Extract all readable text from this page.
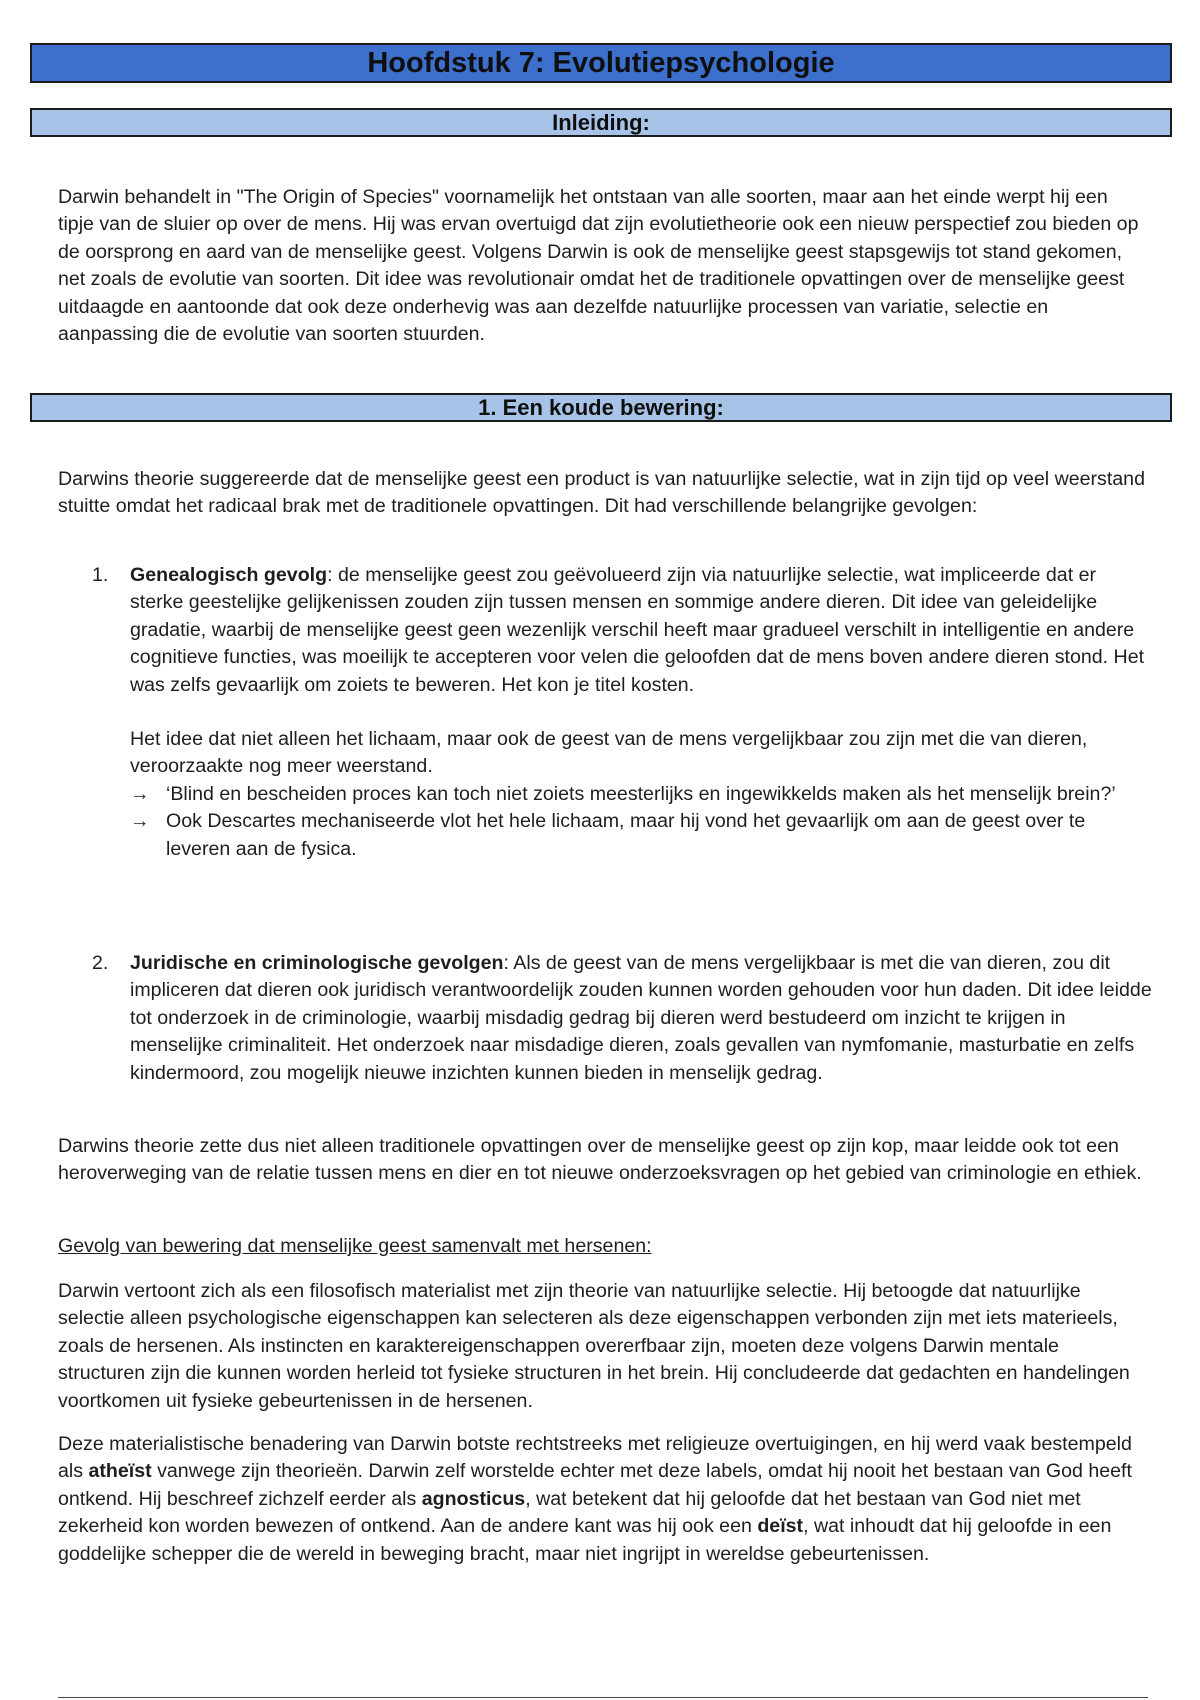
Hoofdstuk 7: Evolutiepsychologie
Inleiding:

Darwin behandelt in "The Origin of Species" voornamelijk het ontstaan van alle soorten, maar aan het einde werpt hij een tipje van de sluier op over de mens. Hij was ervan overtuigd dat zijn evolutietheorie ook een nieuw perspectief zou bieden op de oorsprong en aard van de menselijke geest. Volgens Darwin is ook de menselijke geest stapsgewijs tot stand gekomen, net zoals de evolutie van soorten. Dit idee was revolutionair omdat het de traditionele opvattingen over de menselijke geest uitdaagde en aantoonde dat ook deze onderhevig was aan dezelfde natuurlijke processen van variatie, selectie en aanpassing die de evolutie van soorten stuurden.

1. Een koude bewering:

Darwins theorie suggereerde dat de menselijke geest een product is van natuurlijke selectie, wat in zijn tijd op veel weerstand stuitte omdat het radicaal brak met de traditionele opvattingen. Dit had verschillende belangrijke gevolgen:

1.	Genealogisch gevolg: de menselijke geest zou geëvolueerd zijn via natuurlijke selectie, wat impliceerde dat er sterke geestelijke gelijkenissen zouden zijn tussen mensen en sommige andere dieren. Dit idee van geleidelijke gradatie, waarbij de menselijke geest geen wezenlijk verschil heeft maar gradueel verschilt in intelligentie en andere cognitieve functies, was moeilijk te accepteren voor velen die geloofden dat de mens boven andere dieren stond. Het was zelfs gevaarlijk om zoiets te beweren. Het kon je titel kosten.
Het idee dat niet alleen het lichaam, maar ook de geest van de mens vergelijkbaar zou zijn met die van dieren, veroorzaakte nog meer weerstand.
→ ‘Blind en bescheiden proces kan toch niet zoiets meesterlijks en ingewikkelds maken als het menselijk brein?’
→ Ook Descartes mechaniseerde vlot het hele lichaam, maar hij vond het gevaarlijk om aan de geest over te leveren aan de fysica.
2.	Juridische en criminologische gevolgen: Als de geest van de mens vergelijkbaar is met die van dieren, zou dit impliceren dat dieren ook juridisch verantwoordelijk zouden kunnen worden gehouden voor hun daden. Dit idee leidde tot onderzoek in de criminologie, waarbij misdadig gedrag bij dieren werd bestudeerd om inzicht te krijgen in menselijke criminaliteit. Het onderzoek naar misdadige dieren, zoals gevallen van nymfomanie, masturbatie en zelfs kindermoord, zou mogelijk nieuwe inzichten kunnen bieden in menselijk gedrag.

Darwins theorie zette dus niet alleen traditionele opvattingen over de menselijke geest op zijn kop, maar leidde ook tot een heroverweging van de relatie tussen mens en dier en tot nieuwe onderzoeksvragen op het gebied van criminologie en ethiek.

Gevolg van bewering dat menselijke geest samenvalt met hersenen:

Darwin vertoont zich als een filosofisch materialist met zijn theorie van natuurlijke selectie. Hij betoogde dat natuurlijke selectie alleen psychologische eigenschappen kan selecteren als deze eigenschappen verbonden zijn met iets materieels, zoals de hersenen. Als instincten en karaktereigenschappen overerfbaar zijn, moeten deze volgens Darwin mentale structuren zijn die kunnen worden herleid tot fysieke structuren in het brein. Hij concludeerde dat gedachten en handelingen voortkomen uit fysieke gebeurtenissen in de hersenen.

Deze materialistische benadering van Darwin botste rechtstreeks met religieuze overtuigingen, en hij werd vaak bestempeld als atheïst vanwege zijn theorieën. Darwin zelf worstelde echter met deze labels, omdat hij nooit het bestaan van God heeft ontkend. Hij beschreef zichzelf eerder als agnosticus, wat betekent dat hij geloofde dat het bestaan van God niet met zekerheid kon worden bewezen of ontkend. Aan de andere kant was hij ook een deïst, wat inhoudt dat hij geloofde in een goddelijke schepper die de wereld in beweging bracht, maar niet ingrijpt in wereldse gebeurtenissen.
